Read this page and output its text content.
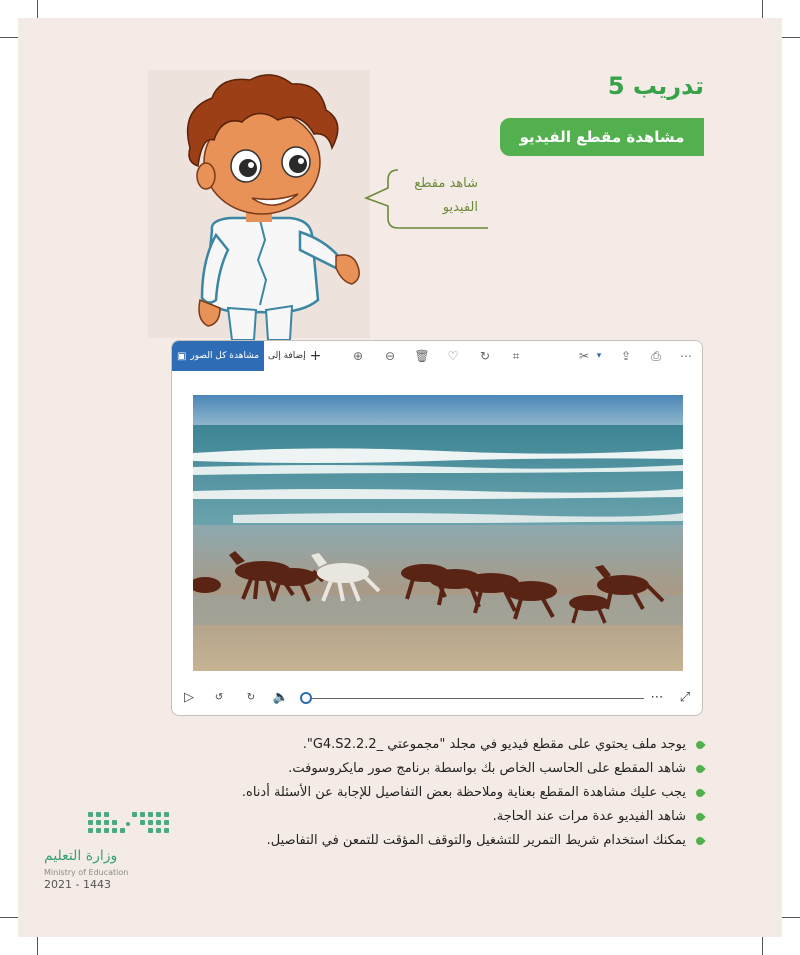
تدريب 5
مشاهدة مقطع الفيديو
شاهد مقطع الفيديو
مشاهدة كل الصور
▣	+
إضافة إلى	⊕ ⊖ 🗑 ♡ ↻	⌗	✂ ▾	⇪ ⎙ ⋯
▷	↺	↻	🔈	⋯ ⤢
يوجد ملف يحتوي على مقطع فيديو في مجلد "مجموعتي _G4.S2.2.2".
شاهد المقطع على الحاسب الخاص بك بواسطة برنامج صور مايكروسوفت.
يجب عليك مشاهدة المقطع بعناية وملاحظة بعض التفاصيل للإجابة عن الأسئلة أدناه.
شاهد الفيديو عدة مرات عند الحاجة.
يمكنك استخدام شريط التمرير للتشغيل والتوقف المؤقت للتمعن في التفاصيل.
وزارة التعليم
Ministry of Education
2021 - 1443
